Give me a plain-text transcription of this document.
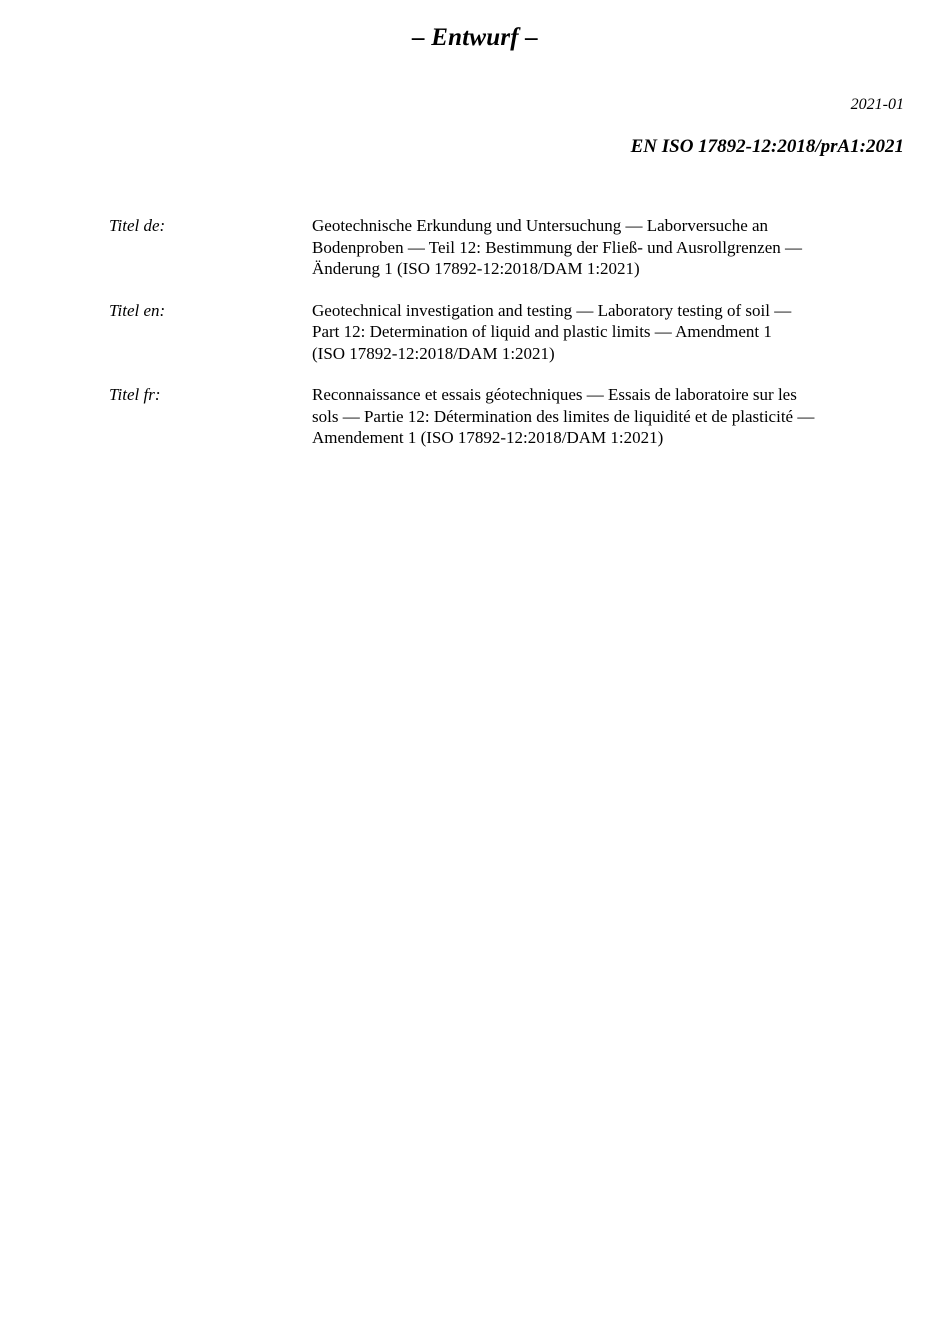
– Entwurf –
2021-01
EN ISO 17892-12:2018/prA1:2021
Titel de:	Geotechnische Erkundung und Untersuchung — Laborversuche an
Bodenproben — Teil 12: Bestimmung der Fließ- und Ausrollgrenzen —
Änderung 1 (ISO 17892-12:2018/DAM 1:2021)
Titel en:	Geotechnical investigation and testing — Laboratory testing of soil —
Part 12: Determination of liquid and plastic limits — Amendment 1
(ISO 17892-12:2018/DAM 1:2021)
Titel fr:	Reconnaissance et essais géotechniques — Essais de laboratoire sur les
sols — Partie 12: Détermination des limites de liquidité et de plasticité —
Amendement 1 (ISO 17892-12:2018/DAM 1:2021)
